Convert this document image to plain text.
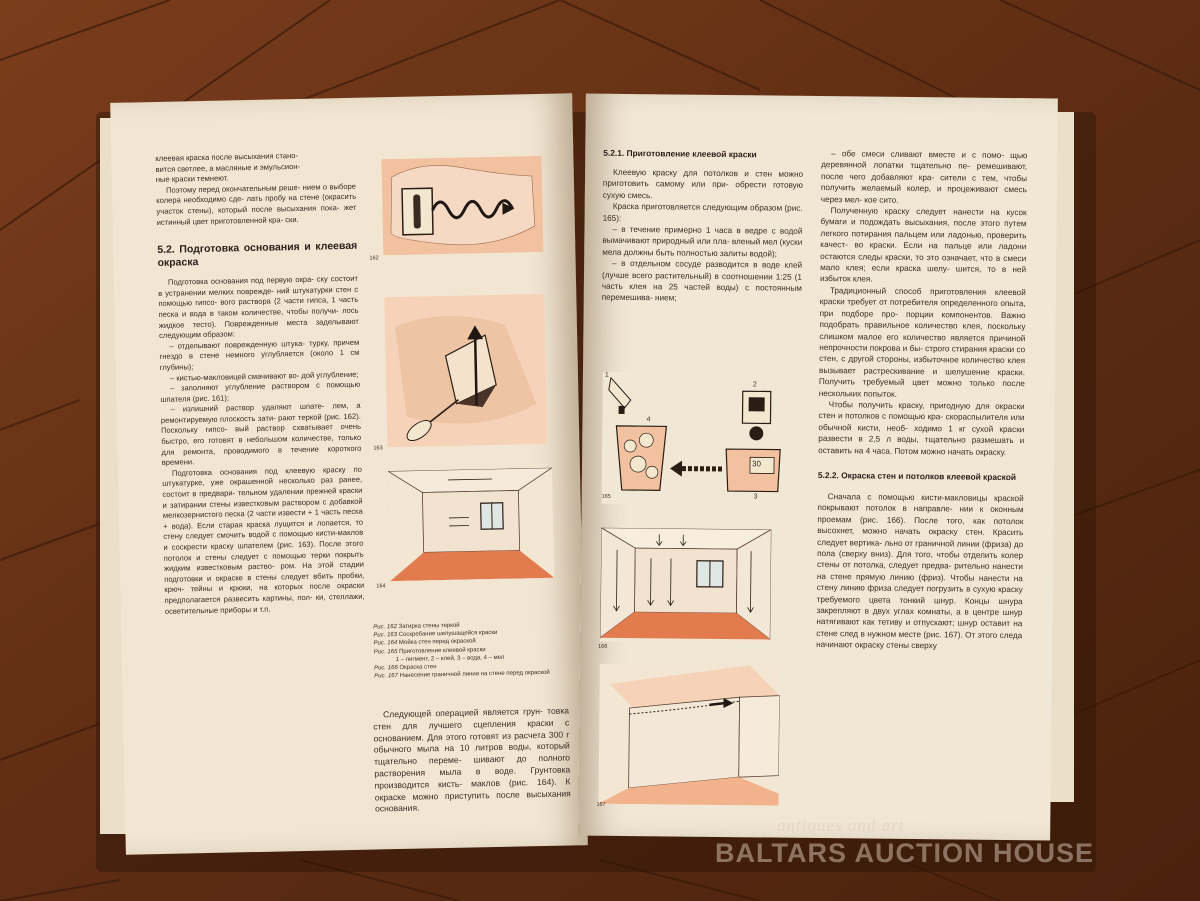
клеевая краска после высыхания стано-

вится светлее, а масляные и эмульсион-

ные краски темнеют.

Поэтому перед окончательным реше- нием о выборе колера необходимо сде- лать пробу на стене (окрасить участок стены), который после высыхания пока- жет истинный цвет приготовленной кра- ски.

5.2. Подготовка основания и клеевая окраска

Подготовка основания под первую окра- ску состоит в устранении мелких поврежде- ний штукатурки стен с помощью гипсо- вого раствора (2 части гипса, 1 часть песка и вода в таком количестве, чтобы получи- лось жидкое тесто). Поврежденные места заделывают следующим образом:

– отделывают поврежденную штука- турку, причем гнездо в стене немного углубляется (около 1 см глубины);

– кистью-макловицей смачивают во- дой углубление;

– заполняют углубление раствором с помощью шпателя (рис. 161);

– излишний раствор удаляют шпате- лем, а ремонтируемую плоскость зати- рают теркой (рис. 162). Поскольку гипсо- вый раствор схватывает очень быстро, его готовят в небольшом количестве, только для ремонта, проводимого в течение короткого времени.

Подготовка основания под клеевую краску по штукатурке, уже окрашенной несколько раз ранее, состоит в предвари- тельном удалении прежней краски и затирании стены известковым раствором с добавкой мелкозернистого песка (2 части извести + 1 часть песка + вода). Если старая краска лущится и лопается, то стену следует смочить водой с помощью кисти-маклов и соскрести краску шпателем (рис. 163). После этого потолок и стены следует с помощью терки покрыть жидким известковым раство- ром. На этой стадии подготовки и окраске в стены следует вбить пробки, крюч- тейны и крюки, на которых после окраски предполагается развесить картины, пол- ки, стеллажи, осветительные приборы и т.п.

162
163
164
Рис. 162 Затирка стены теркой
Рис. 163 Соскребание шелушащейся краски
Рис. 164 Мойка стен перед окраской
Рис. 165 Приготовление клеевой краски
1 – пигмент, 2 – клей, 3 – вода, 4 – мел
Рис. 166 Окраска стен
Рис. 167 Нанесение граничной линии на стене перед окраской

Следующей операцией является грун- товка стен для лучшего сцепления краски с основанием. Для этого готовят из расчета 300 г обычного мыла на 10 литров воды, который тщательно переме- шивают до полного растворения мыла в воде. Грунтовка производится кисть- маклов (рис. 164). К окраске можно приступить после высыхания основания.

5.2.1. Приготовление клеевой краски

Клеевую краску для потолков и стен можно приготовить самому или при- обрести готовую сухую смесь.

Краска приготовляется следующим образом (рис. 165):

– в течение примерно 1 часа в ведре с водой вымачивают природный или пла- вленый мел (куски мела должны быть полностью залиты водой);

– в отдельном сосуде разводится в воде клей (лучше всего растительный) в соотношении 1:25 (1 часть клея на 25 частей воды) с постоянным перемешива- нием;

1
2
4
30
3
165
166
167

– обе смеси сливают вместе и с помо- щью деревянной лопатки тщательно пе- ремешивают, после чего добавляют кра- сители с тем, чтобы получить желаемый колер, и процеживают смесь через мел- кое сито.

Полученную краску следует нанести на кусок бумаги и подождать высыхания, после этого путем легкого потирания пальцем или ладонью, проверить качест- во краски. Если на пальце или ладони остаются следы краски, то это означает, что в смеси мало клея; если краска шелу- шится, то в ней избыток клея.

Традиционный способ приготовления клеевой краски требует от потребителя определенного опыта, при подборе про- порции компонентов. Важно подобрать правильное количество клея, поскольку слишком малое его количество является причиной непрочности покрова и бы- строго стирания краски со стен, с другой стороны, избыточное количество клея вызывает растрескивание и шелушение краски. Получить требуемый цвет можно только после нескольких попыток.

Чтобы получить краску, пригодную для окраски стен и потолков с помощью кра- скораспылителя или обычной кисти, необ- ходимо 1 кг сухой краски развести в 2,5 л воды, тщательно размешать и оставить на 4 часа. Потом можно начать окраску.

5.2.2. Окраска стен и потолков клеевой краской

Сначала с помощью кисти-макловицы краской покрывают потолок в направле- нии к оконным проемам (рис. 166). После того, как потолок высохнет, можно начать окраску стен. Красить следует вертика- льно от граничной линии (фриза) до пола (сверху вниз). Для того, чтобы отделить колер стены от потолка, следует предва- рительно нанести на стене прямую линию (фриз). Чтобы нанести на стену линию фриза следует погрузить в сухую краску требуемого цвета тонкий шнур. Концы шнура закрепляют в двух углах комнаты, а в центре шнур натягивают как тетиву и отпускают; шнур оставит на стене след в нужном месте (рис. 167). От этого следа начинают окраску стены сверху

antiques and art
BALTARS AUCTION HOUSE
